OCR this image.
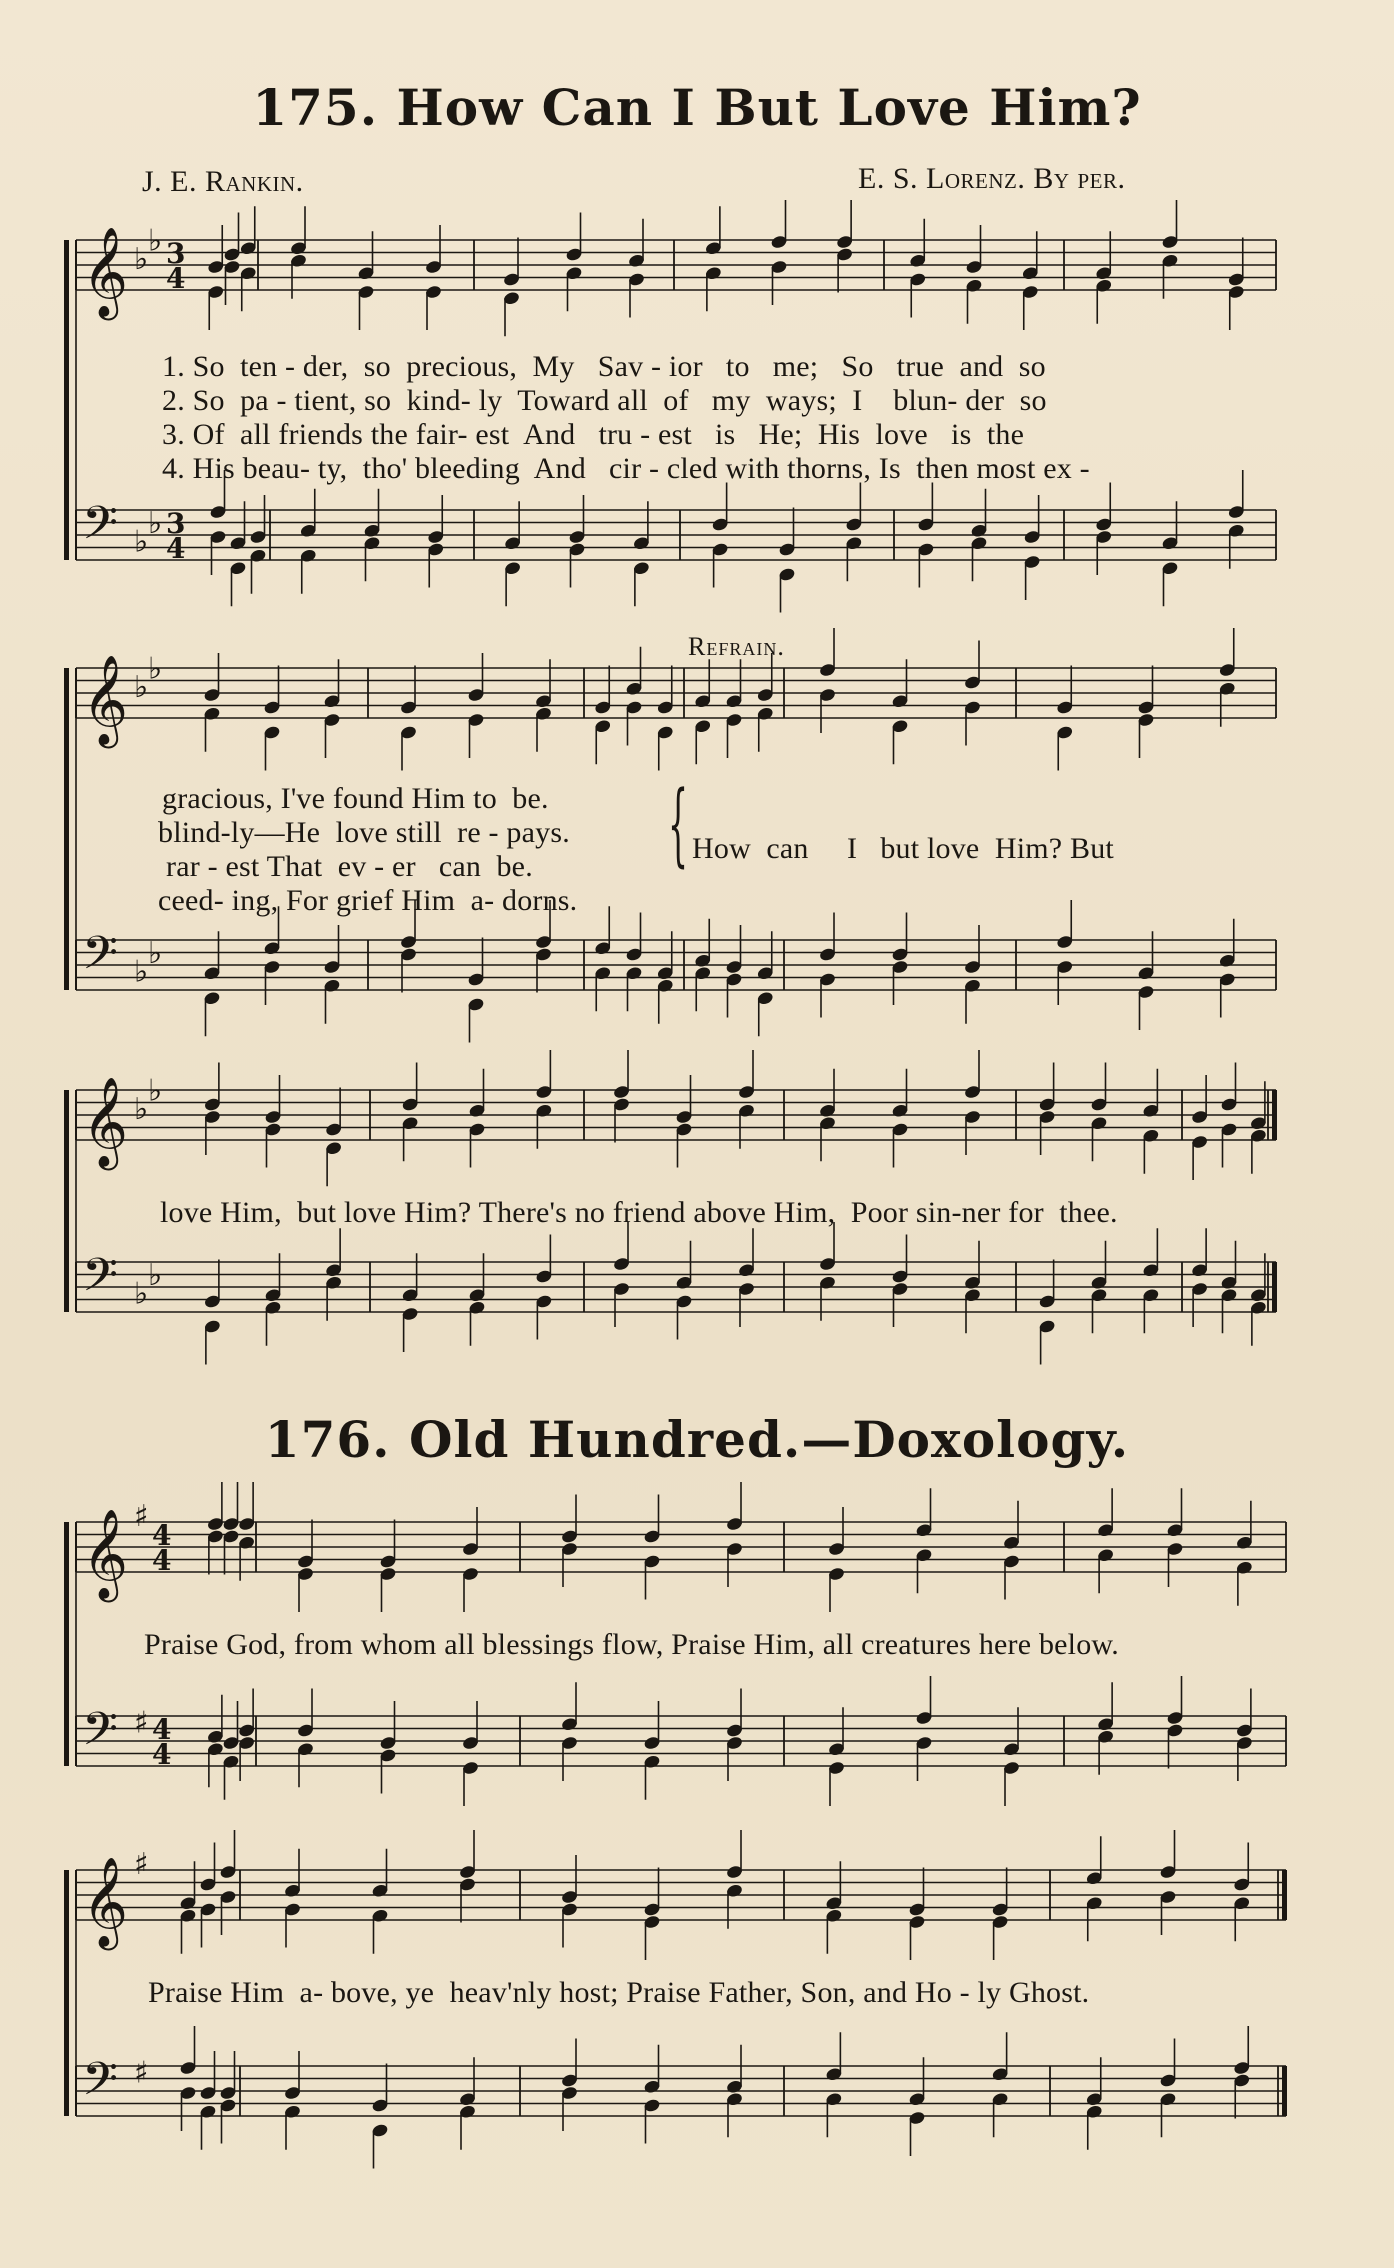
𝄞 ♭
♭ 3
4
𝄢 ♭
♭ 3
4
𝄞 ♭
♭
𝄢 ♭
♭
𝄞 ♭
♭
𝄢 ♭
♭
𝄞 ♯
4
4
𝄢 ♯ 4
4
𝄞 ♯
𝄢 ♯
175. How Can I But Love Him?
J. E. Rankin.	E. S. Lorenz. By per.
1. So  ten - der,  so  precious,  My   Sav - ior   to   me;   So   true  and  so
2. So  pa - tient, so  kind- ly  Toward all  of   my  ways;  I    blun- der  so
3. Of  all friends the fair- est  And   tru - est   is   He;  His  love   is  the
4. His beau- ty,  tho' bleeding  And   cir - cled with thorns, Is  then most ex -
Refrain.
gracious, I've found Him to  be.
blind-ly—He  love still  re - pays.
rar - est That  ev - er   can  be.
ceed- ing, For grief Him  a- dorns.
{ How  can     I   but love  Him? But
love Him,  but love Him? There's no friend above Him,  Poor sin-ner for  thee.
176. Old Hundred.—Doxology.
Praise God, from whom all blessings flow, Praise Him, all creatures here below.
Praise Him  a- bove, ye  heav'nly host; Praise Father, Son, and Ho - ly Ghost.
